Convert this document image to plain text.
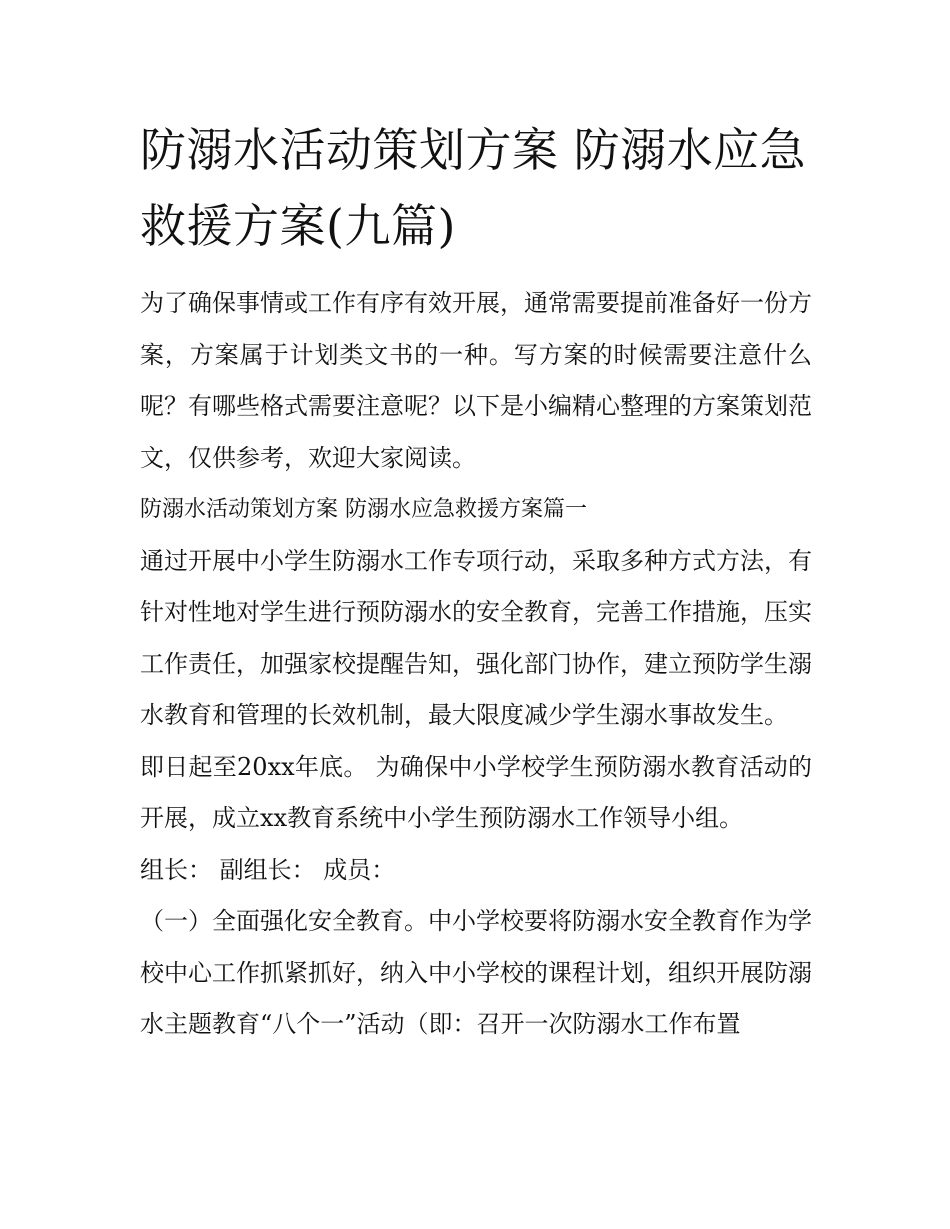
防溺水活动策划方案 防溺水应急救援方案(九篇)

为了确保事情或工作有序有效开展，通常需要提前准备好一份方案，方案属于计划类文书的一种。写方案的时候需要注意什么呢？有哪些格式需要注意呢？以下是小编精心整理的方案策划范文，仅供参考，欢迎大家阅读。

防溺水活动策划方案 防溺水应急救援方案篇一

通过开展中小学生防溺水工作专项行动，采取多种方式方法，有针对性地对学生进行预防溺水的安全教育，完善工作措施，压实工作责任，加强家校提醒告知，强化部门协作，建立预防学生溺水教育和管理的长效机制，最大限度减少学生溺水事故发生。

即日起至20xx年底。 为确保中小学校学生预防溺水教育活动的开展，成立xx教育系统中小学生预防溺水工作领导小组。

组长： 副组长： 成员：

（一）全面强化安全教育。中小学校要将防溺水安全教育作为学校中心工作抓紧抓好，纳入中小学校的课程计划，组织开展防溺水主题教育“八个一”活动（即：召开一次防溺水工作布置
